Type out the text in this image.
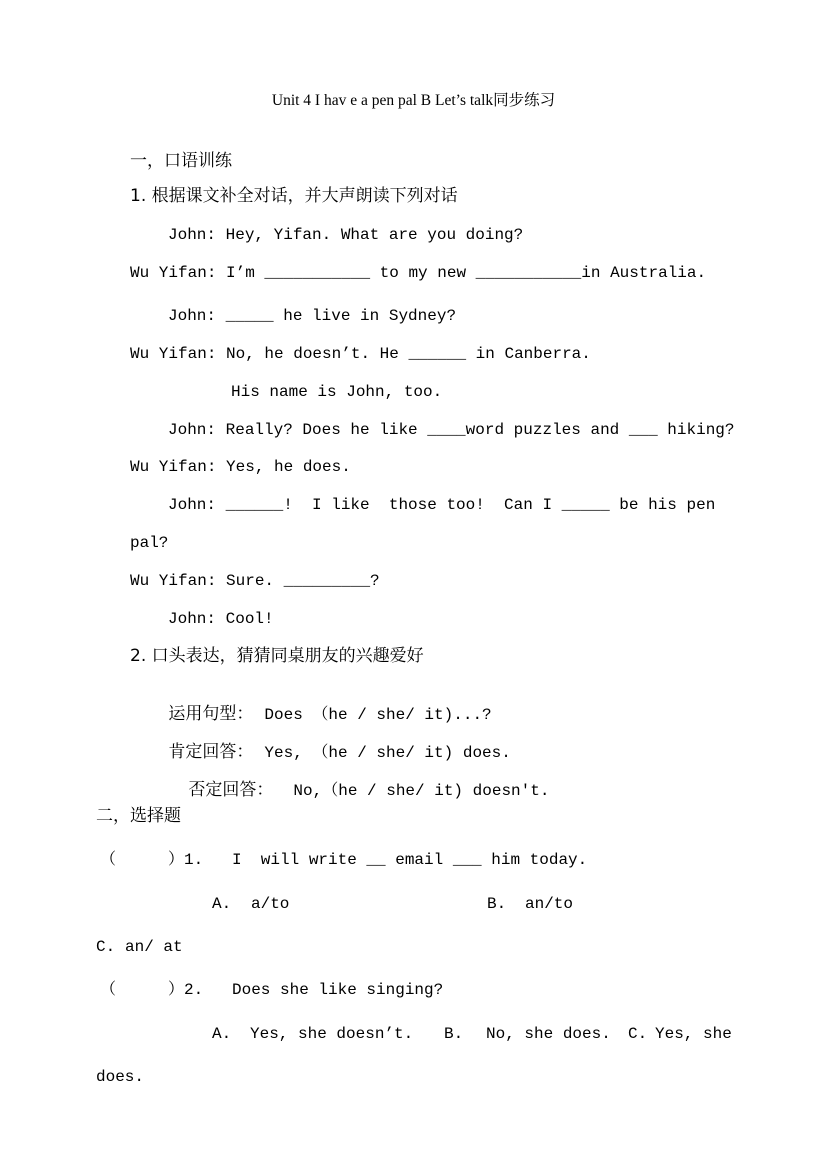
Unit 4 I hav e a pen pal B Let’s talk同步练习
一，口语训练
1. 根据课文补全对话，并大声朗读下列对话
John: Hey, Yifan. What are you doing?
Wu Yifan: I’m ___________ to my new ___________in Australia.
John: _____ he live in Sydney?
Wu Yifan: No, he doesn’t. He ______ in Canberra.
His name is John, too.
John: Really? Does he like ____word puzzles and ___ hiking?
Wu Yifan: Yes, he does.
John: ______!  I like  those too!  Can I _____ be his pen
pal?
Wu Yifan: Sure. _________?
John: Cool!
2. 口头表达，猜猜同桌朋友的兴趣爱好

运用句型： Does （he / she/ it)...?

肯定回答： Yes, （he / she/ it) does.

否定回答： No,（he / she/ it) doesn't.

二，选择题
（	）1. I  will write __ email ___ him today.
A. a/to	B. an/to
C. an/ at
（	）2. Does she like singing?
A. Yes, she doesn’t. B. No, she does. C. Yes, she
does.
